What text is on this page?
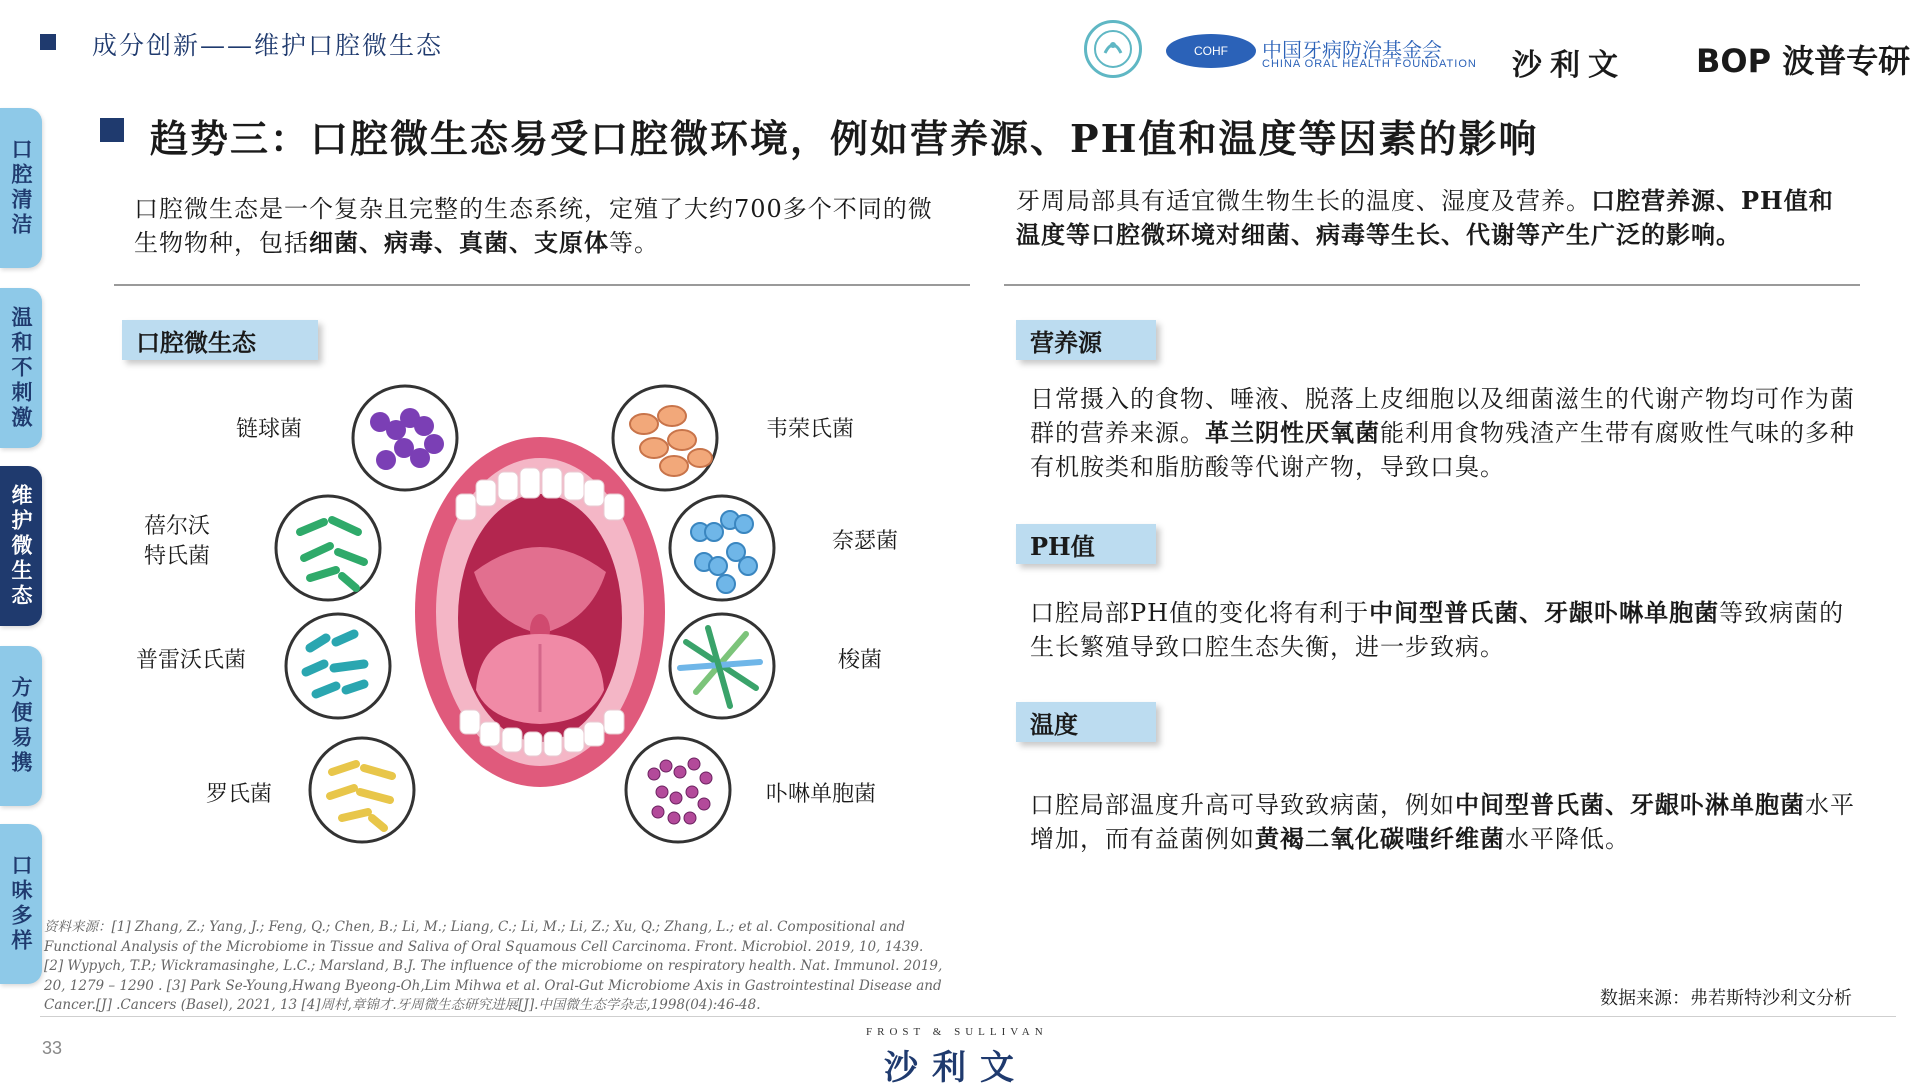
成分创新——维护口腔微生态	COHF	中国牙病防治基金会
CHINA ORAL HEALTH FOUNDATION 沙利文 BOP 波普专研
口腔清洁
温和不刺激
维护微生态
方便易携
口味多样
趋势三：口腔微生态易受口腔微环境，例如营养源、PH值和温度等因素的影响
口腔微生态是一个复杂且完整的生态系统，定殖了大约700多个不同的微生物物种，包括细菌、病毒、真菌、支原体等。
牙周局部具有适宜微生物生长的温度、湿度及营养。口腔营养源、PH值和温度等口腔微环境对细菌、病毒等生长、代谢等产生广泛的影响。
口腔微生态
链球菌	韦荣氏菌
蓓尔沃
特氏菌
奈瑟菌
普雷沃氏菌	梭菌
罗氏菌	卟啉单胞菌
营养源
日常摄入的食物、唾液、脱落上皮细胞以及细菌滋生的代谢产物均可作为菌群的营养来源。革兰阴性厌氧菌能利用食物残渣产生带有腐败性气味的多种有机胺类和脂肪酸等代谢产物，导致口臭。
PH值
口腔局部PH值的变化将有利于中间型普氏菌、牙龈卟啉单胞菌等致病菌的生长繁殖导致口腔生态失衡，进一步致病。
温度
口腔局部温度升高可导致致病菌，例如中间型普氏菌、牙龈卟淋单胞菌水平增加，而有益菌例如黄褐二氧化碳嗤纤维菌水平降低。
资料来源：[1] Zhang, Z.; Yang, J.; Feng, Q.; Chen, B.; Li, M.; Liang, C.; Li, M.; Li, Z.; Xu, Q.; Zhang, L.; et al. Compositional and Functional Analysis of the Microbiome in Tissue and Saliva of Oral Squamous Cell Carcinoma. Front. Microbiol. 2019, 10, 1439. [2] Wypych, T.P.; Wickramasinghe, L.C.; Marsland, B.J. The influence of the microbiome on respiratory health. Nat. Immunol. 2019, 20, 1279 – 1290 . [3] Park Se-Young,Hwang Byeong-Oh,Lim Mihwa et al. Oral-Gut Microbiome Axis in Gastrointestinal Disease and Cancer.[J] .Cancers (Basel), 2021, 13 [4]周村,章锦才.牙周微生态研究进展[J].中国微生态学杂志,1998(04):46-48.	数据来源：弗若斯特沙利文分析
33
FROST & SULLIVAN
沙利文
